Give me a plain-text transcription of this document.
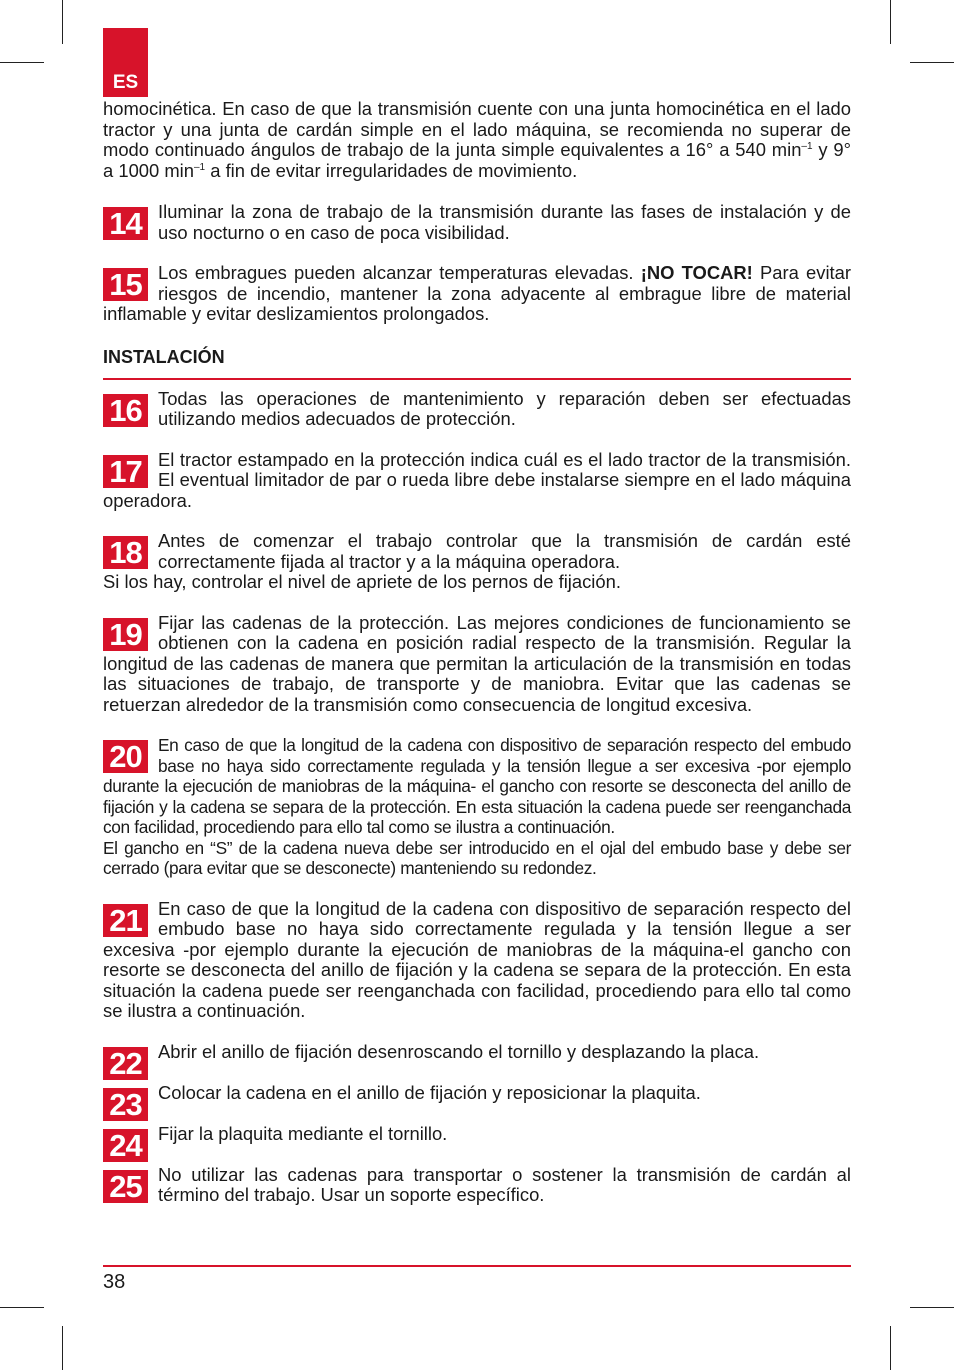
ES

homocinética. En caso de que la transmisión cuente con una junta homocinética en el lado tractor y una junta de cardán simple en el lado máquina, se recomienda no superar de modo continuado ángulos de trabajo de la junta simple equivalentes a 16° a 540 $\min^{-1} y$ 9° a 1000 $\min^{-1} a$ fin de evitar irregularidades de movimiento.

14 Iluminar la zona de trabajo de la transmisión durante las fases de instalación y de uso nocturno o en caso de poca visibilidad.

15 Los embragues pueden alcanzar temperaturas elevadas. ¡NO TOCAR! Para evitar riesgos de incendio, mantener la zona adyacente al embrague libre de material inflamable y evitar deslizamientos prolongados.

INSTALACIÓN

16 Todas las operaciones de mantenimiento y reparación deben ser efectuadas utilizando medios adecuados de protección.

17 El tractor estampado en la protección indica cuál es el lado tractor de la transmisión. El eventual limitador de par o rueda libre debe instalarse siempre en el lado máquina operadora.

18 Antes de comenzar el trabajo controlar que la transmisión de cardán esté correctamente fijada al tractor y a la máquina operadora.

Si los hay, controlar el nivel de apriete de los pernos de fijación.

19 Fijar las cadenas de la protección. Las mejores condiciones de funcionamiento se obtienen con la cadena en posición radial respecto de la transmisión. Regular la longitud de las cadenas de manera que permitan la articulación de la transmisión en todas las situaciones de trabajo, de transporte y de maniobra. Evitar que las cadenas se retuerzan alrededor de la transmisión como consecuencia de longitud excesiva.

20 En caso de que la longitud de la cadena con dispositivo de separación respecto del embudo base no haya sido correctamente regulada y la tensión llegue a ser excesiva -por ejemplo durante la ejecución de maniobras de la máquina- el gancho con resorte se desconecta del anillo de fijación y la cadena se separa de la protección. En esta situación la cadena puede ser reenganchada con facilidad, procediendo para ello tal como se ilustra a continuación.

El gancho en “S” de la cadena nueva debe ser introducido en el ojal del embudo base y debe ser cerrado (para evitar que se desconecte) manteniendo su redondez.

21 En caso de que la longitud de la cadena con dispositivo de separación respecto del embudo base no haya sido correctamente regulada y la tensión llegue a ser excesiva -por ejemplo durante la ejecución de maniobras de la máquina-el gancho con resorte se desconecta del anillo de fijación y la cadena se separa de la protección. En esta situación la cadena puede ser reenganchada con facilidad, procediendo para ello tal como se ilustra a continuación.

22 Abrir el anillo de fijación desenroscando el tornillo y desplazando la placa.

23 Colocar la cadena en el anillo de fijación y reposicionar la plaquita.

24 Fijar la plaquita mediante el tornillo.

25 No utilizar las cadenas para transportar o sostener la transmisión de cardán al término del trabajo. Usar un soporte específico.

38
